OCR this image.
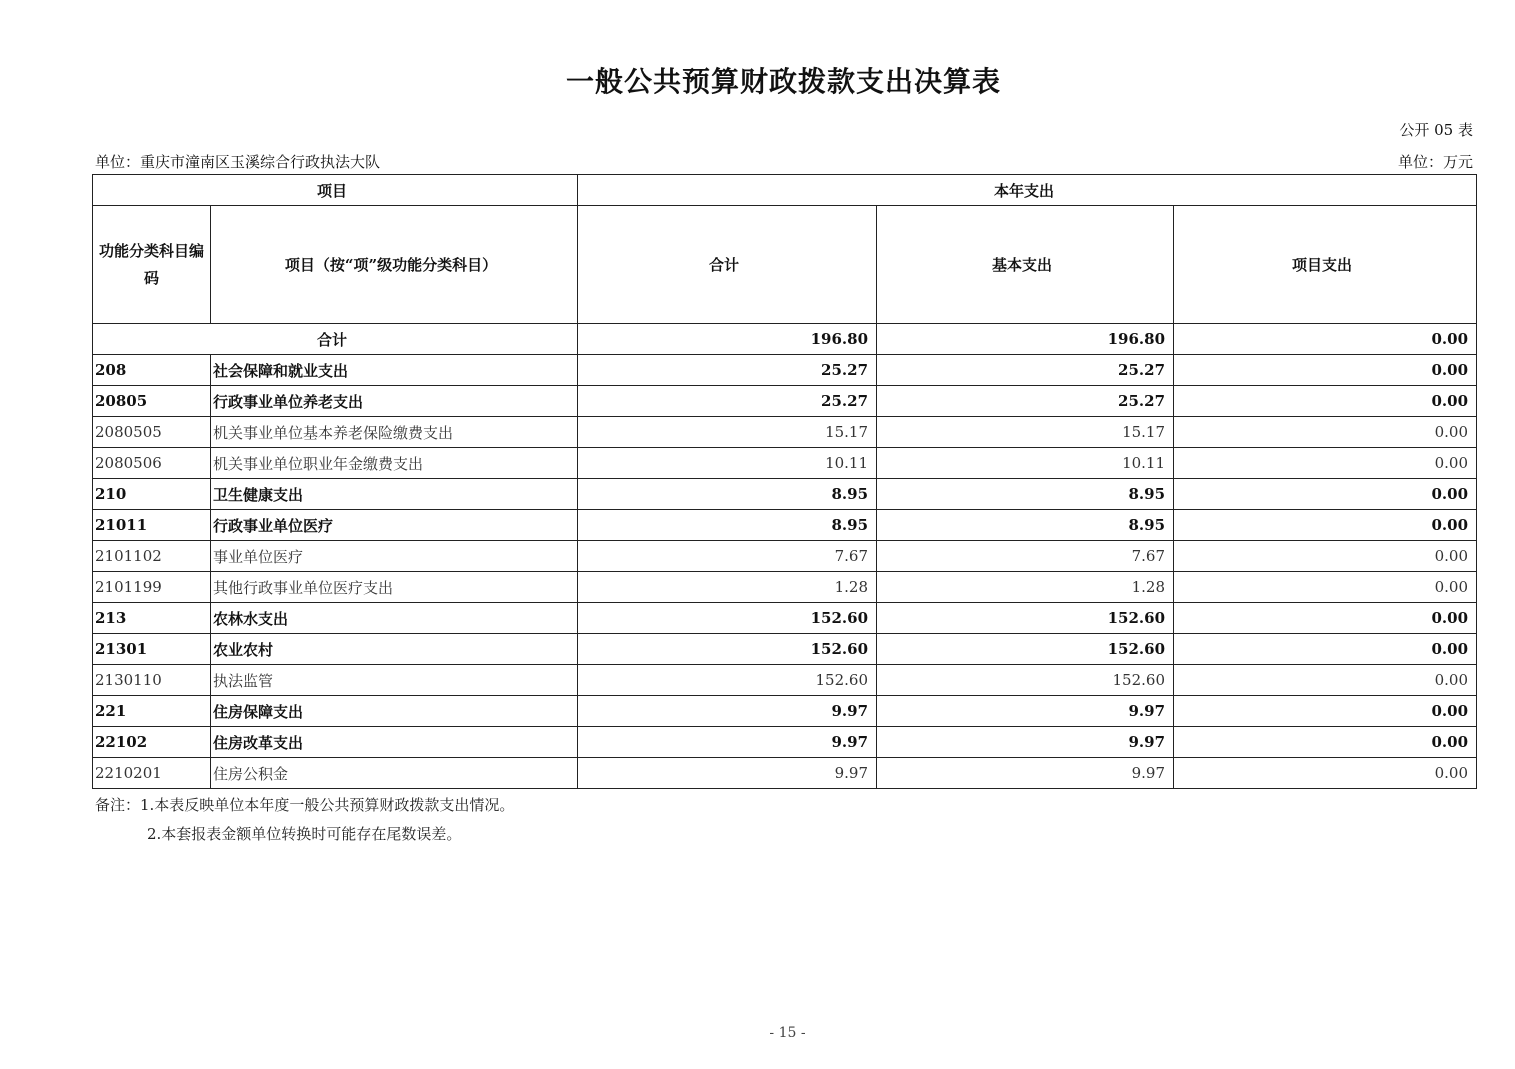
一般公共预算财政拨款支出决算表
公开 05 表
单位：重庆市潼南区玉溪综合行政执法大队	单位：万元
项目		本年支出		
功能分类科目编码	项目（按“项”级功能分类科目）	合计	基本支出	项目支出
合计		196.80	196.80	0.00
208	社会保障和就业支出	25.27	25.27	0.00
20805	行政事业单位养老支出	25.27	25.27	0.00
2080505	机关事业单位基本养老保险缴费支出	15.17	15.17	0.00
2080506	机关事业单位职业年金缴费支出	10.11	10.11	0.00
210	卫生健康支出	8.95	8.95	0.00
21011	行政事业单位医疗	8.95	8.95	0.00
2101102	事业单位医疗	7.67	7.67	0.00
2101199	其他行政事业单位医疗支出	1.28	1.28	0.00
213	农林水支出	152.60	152.60	0.00
21301	农业农村	152.60	152.60	0.00
2130110	执法监管	152.60	152.60	0.00
221	住房保障支出	9.97	9.97	0.00
22102	住房改革支出	9.97	9.97	0.00
2210201	住房公积金	9.97	9.97	0.00
备注：1.本表反映单位本年度一般公共预算财政拨款支出情况。
2.本套报表金额单位转换时可能存在尾数误差。
- 15 -
